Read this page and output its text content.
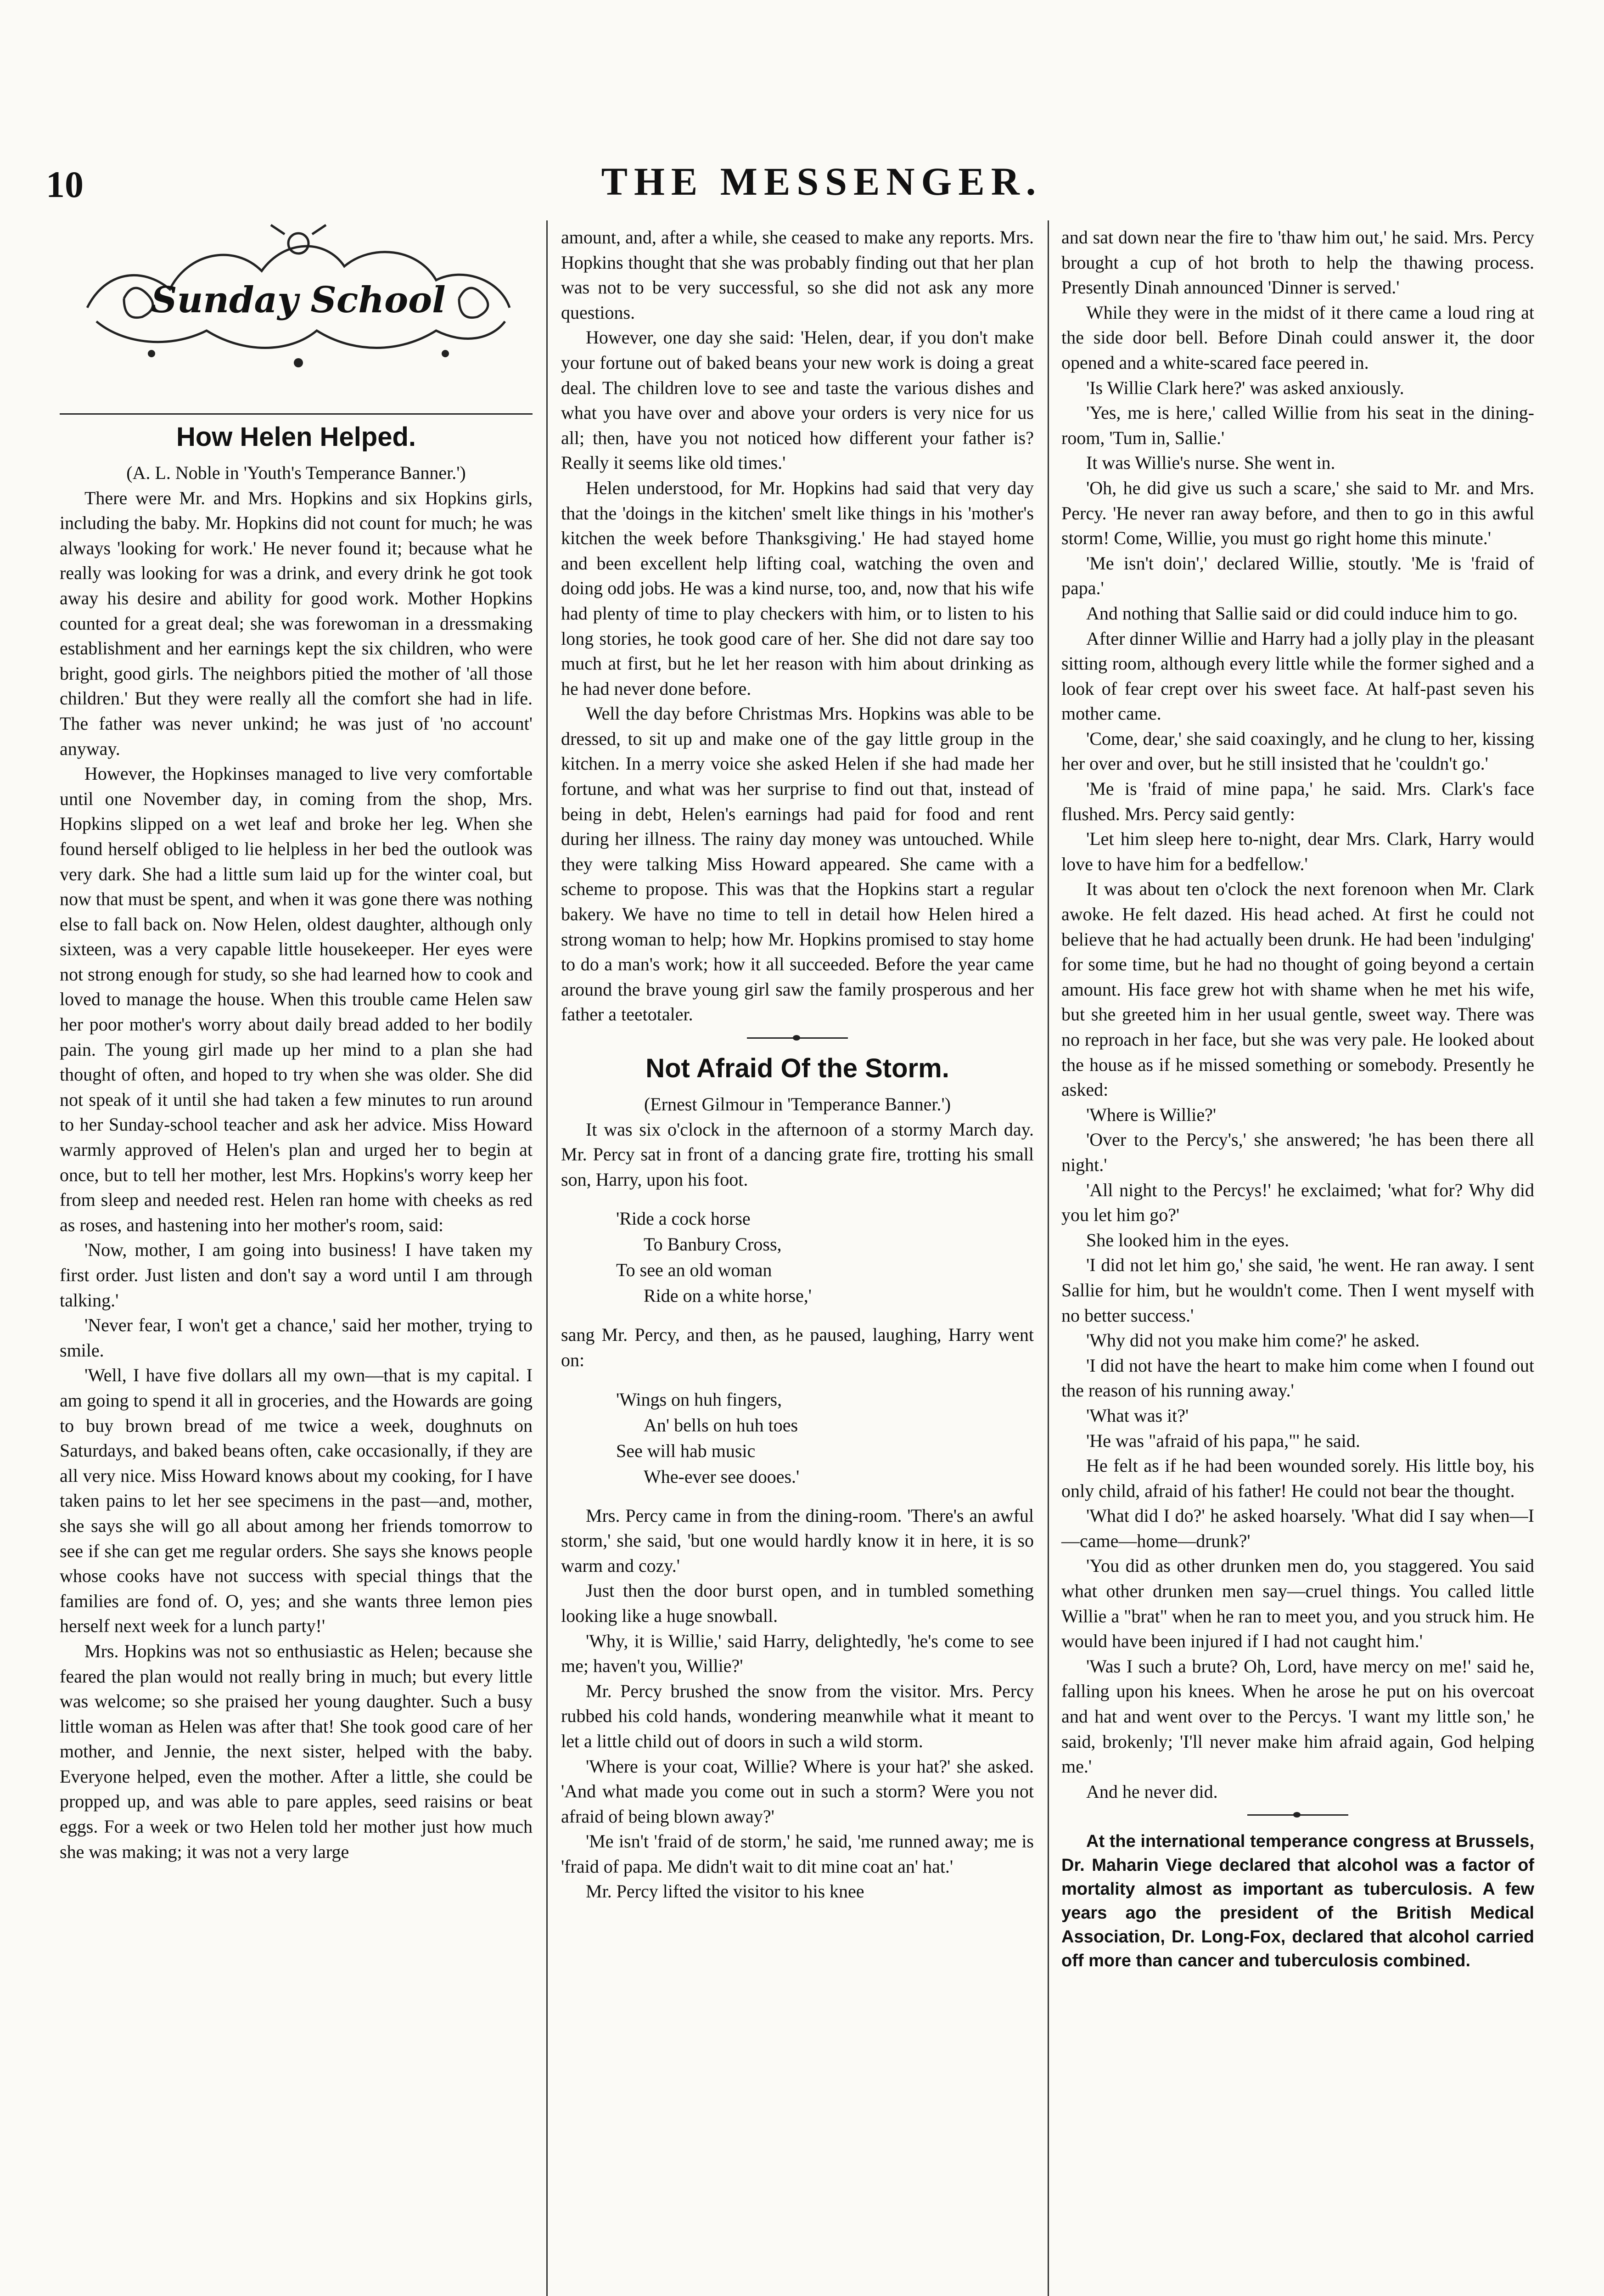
10	THE MESSENGER.
Sunday School
How Helen Helped.

(A. L. Noble in 'Youth's Temperance Banner.')

There were Mr. and Mrs. Hopkins and six Hopkins girls, including the baby. Mr. Hopkins did not count for much; he was always 'looking for work.' He never found it; because what he really was looking for was a drink, and every drink he got took away his desire and ability for good work. Mother Hopkins counted for a great deal; she was forewoman in a dressmaking establishment and her earnings kept the six children, who were bright, good girls. The neighbors pitied the mother of 'all those children.' But they were really all the comfort she had in life. The father was never unkind; he was just of 'no account' anyway.

However, the Hopkinses managed to live very comfortable until one November day, in coming from the shop, Mrs. Hopkins slipped on a wet leaf and broke her leg. When she found herself obliged to lie helpless in her bed the outlook was very dark. She had a little sum laid up for the winter coal, but now that must be spent, and when it was gone there was nothing else to fall back on. Now Helen, oldest daughter, although only sixteen, was a very capable little housekeeper. Her eyes were not strong enough for study, so she had learned how to cook and loved to manage the house. When this trouble came Helen saw her poor mother's worry about daily bread added to her bodily pain. The young girl made up her mind to a plan she had thought of often, and hoped to try when she was older. She did not speak of it until she had taken a few minutes to run around to her Sunday-school teacher and ask her advice. Miss Howard warmly approved of Helen's plan and urged her to begin at once, but to tell her mother, lest Mrs. Hopkins's worry keep her from sleep and needed rest. Helen ran home with cheeks as red as roses, and hastening into her mother's room, said:

'Now, mother, I am going into business! I have taken my first order. Just listen and don't say a word until I am through talking.'

'Never fear, I won't get a chance,' said her mother, trying to smile.

'Well, I have five dollars all my own—that is my capital. I am going to spend it all in groceries, and the Howards are going to buy brown bread of me twice a week, doughnuts on Saturdays, and baked beans often, cake occasionally, if they are all very nice. Miss Howard knows about my cooking, for I have taken pains to let her see specimens in the past—and, mother, she says she will go all about among her friends tomorrow to see if she can get me regular orders. She says she knows people whose cooks have not success with special things that the families are fond of. O, yes; and she wants three lemon pies herself next week for a lunch party!'

Mrs. Hopkins was not so enthusiastic as Helen; because she feared the plan would not really bring in much; but every little was welcome; so she praised her young daughter. Such a busy little woman as Helen was after that! She took good care of her mother, and Jennie, the next sister, helped with the baby. Everyone helped, even the mother. After a little, she could be propped up, and was able to pare apples, seed raisins or beat eggs. For a week or two Helen told her mother just how much she was making; it was not a very large

amount, and, after a while, she ceased to make any reports. Mrs. Hopkins thought that she was probably finding out that her plan was not to be very successful, so she did not ask any more questions.

However, one day she said: 'Helen, dear, if you don't make your fortune out of baked beans your new work is doing a great deal. The children love to see and taste the various dishes and what you have over and above your orders is very nice for us all; then, have you not noticed how different your father is? Really it seems like old times.'

Helen understood, for Mr. Hopkins had said that very day that the 'doings in the kitchen' smelt like things in his 'mother's kitchen the week before Thanksgiving.' He had stayed home and been excellent help lifting coal, watching the oven and doing odd jobs. He was a kind nurse, too, and, now that his wife had plenty of time to play checkers with him, or to listen to his long stories, he took good care of her. She did not dare say too much at first, but he let her reason with him about drinking as he had never done before.

Well the day before Christmas Mrs. Hopkins was able to be dressed, to sit up and make one of the gay little group in the kitchen. In a merry voice she asked Helen if she had made her fortune, and what was her surprise to find out that, instead of being in debt, Helen's earnings had paid for food and rent during her illness. The rainy day money was untouched. While they were talking Miss Howard appeared. She came with a scheme to propose. This was that the Hopkins start a regular bakery. We have no time to tell in detail how Helen hired a strong woman to help; how Mr. Hopkins promised to stay home to do a man's work; how it all succeeded. Before the year came around the brave young girl saw the family prosperous and her father a teetotaler.

Not Afraid Of the Storm.

(Ernest Gilmour in 'Temperance Banner.')

It was six o'clock in the afternoon of a stormy March day. Mr. Percy sat in front of a dancing grate fire, trotting his small son, Harry, upon his foot.

'Ride a cock horse
To Banbury Cross,
To see an old woman
Ride on a white horse,'

sang Mr. Percy, and then, as he paused, laughing, Harry went on:

'Wings on huh fingers,
An' bells on huh toes
See will hab music
Whe-ever see dooes.'

Mrs. Percy came in from the dining-room. 'There's an awful storm,' she said, 'but one would hardly know it in here, it is so warm and cozy.'

Just then the door burst open, and in tumbled something looking like a huge snowball.

'Why, it is Willie,' said Harry, delightedly, 'he's come to see me; haven't you, Willie?'

Mr. Percy brushed the snow from the visitor. Mrs. Percy rubbed his cold hands, wondering meanwhile what it meant to let a little child out of doors in such a wild storm.

'Where is your coat, Willie? Where is your hat?' she asked. 'And what made you come out in such a storm? Were you not afraid of being blown away?'

'Me isn't 'fraid of de storm,' he said, 'me runned away; me is 'fraid of papa. Me didn't wait to dit mine coat an' hat.'

Mr. Percy lifted the visitor to his knee

and sat down near the fire to 'thaw him out,' he said. Mrs. Percy brought a cup of hot broth to help the thawing process. Presently Dinah announced 'Dinner is served.'

While they were in the midst of it there came a loud ring at the side door bell. Before Dinah could answer it, the door opened and a white-scared face peered in.

'Is Willie Clark here?' was asked anxiously.

'Yes, me is here,' called Willie from his seat in the dining-room, 'Tum in, Sallie.'

It was Willie's nurse. She went in.

'Oh, he did give us such a scare,' she said to Mr. and Mrs. Percy. 'He never ran away before, and then to go in this awful storm! Come, Willie, you must go right home this minute.'

'Me isn't doin',' declared Willie, stoutly. 'Me is 'fraid of papa.'

And nothing that Sallie said or did could induce him to go.

After dinner Willie and Harry had a jolly play in the pleasant sitting room, although every little while the former sighed and a look of fear crept over his sweet face. At half-past seven his mother came.

'Come, dear,' she said coaxingly, and he clung to her, kissing her over and over, but he still insisted that he 'couldn't go.'

'Me is 'fraid of mine papa,' he said. Mrs. Clark's face flushed. Mrs. Percy said gently:

'Let him sleep here to-night, dear Mrs. Clark, Harry would love to have him for a bedfellow.'

It was about ten o'clock the next forenoon when Mr. Clark awoke. He felt dazed. His head ached. At first he could not believe that he had actually been drunk. He had been 'indulging' for some time, but he had no thought of going beyond a certain amount. His face grew hot with shame when he met his wife, but she greeted him in her usual gentle, sweet way. There was no reproach in her face, but she was very pale. He looked about the house as if he missed something or somebody. Presently he asked:

'Where is Willie?'

'Over to the Percy's,' she answered; 'he has been there all night.'

'All night to the Percys!' he exclaimed; 'what for? Why did you let him go?'

She looked him in the eyes.

'I did not let him go,' she said, 'he went. He ran away. I sent Sallie for him, but he wouldn't come. Then I went myself with no better success.'

'Why did not you make him come?' he asked.

'I did not have the heart to make him come when I found out the reason of his running away.'

'What was it?'

'He was "afraid of his papa,"' he said.

He felt as if he had been wounded sorely. His little boy, his only child, afraid of his father! He could not bear the thought.

'What did I do?' he asked hoarsely. 'What did I say when—I—came—home—drunk?'

'You did as other drunken men do, you staggered. You said what other drunken men say—cruel things. You called little Willie a "brat" when he ran to meet you, and you struck him. He would have been injured if I had not caught him.'

'Was I such a brute? Oh, Lord, have mercy on me!' said he, falling upon his knees. When he arose he put on his overcoat and hat and went over to the Percys. 'I want my little son,' he said, brokenly; 'I'll never make him afraid again, God helping me.'

And he never did.

At the international temperance congress at Brussels, Dr. Maharin Viege declared that alcohol was a factor of mortality almost as important as tuberculosis. A few years ago the president of the British Medical Association, Dr. Long-Fox, declared that alcohol carried off more than cancer and tuberculosis combined.
